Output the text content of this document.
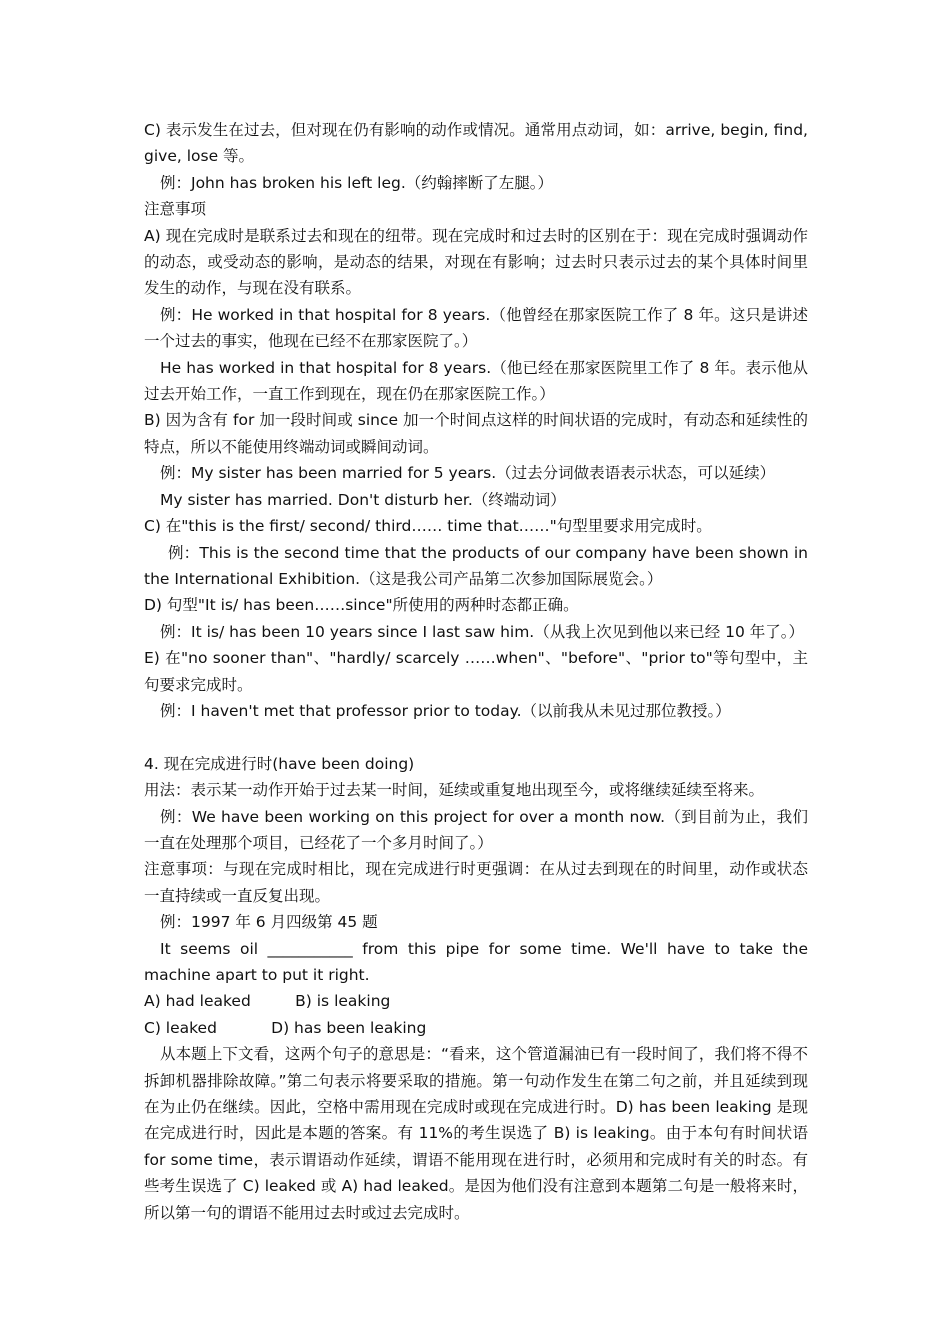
C) 表示发生在过去，但对现在仍有影响的动作或情况。通常用点动词，如：arrive, begin, find, give, lose 等。

例：John has broken his left leg.（约翰摔断了左腿。）

注意事项

A) 现在完成时是联系过去和现在的纽带。现在完成时和过去时的区别在于：现在完成时强调动作的动态，或受动态的影响，是动态的结果，对现在有影响；过去时只表示过去的某个具体时间里发生的动作，与现在没有联系。

例：He worked in that hospital for 8 years.（他曾经在那家医院工作了 8 年。这只是讲述一个过去的事实，他现在已经不在那家医院了。）

He has worked in that hospital for 8 years.（他已经在那家医院里工作了 8 年。表示他从过去开始工作，一直工作到现在，现在仍在那家医院工作。）

B) 因为含有 for 加一段时间或 since 加一个时间点这样的时间状语的完成时，有动态和延续性的特点，所以不能使用终端动词或瞬间动词。

例：My sister has been married for 5 years.（过去分词做表语表示状态，可以延续）

My sister has married. Don't disturb her.（终端动词）

C) 在"this is the first/ second/ third…… time that……"句型里要求用完成时。

例：This is the second time that the products of our company have been shown in the International Exhibition.（这是我公司产品第二次参加国际展览会。）

D) 句型"It is/ has been……since"所使用的两种时态都正确。

例：It is/ has been 10 years since I last saw him.（从我上次见到他以来已经 10 年了。）

E) 在"no sooner than"、"hardly/ scarcely ……when"、"before"、"prior to"等句型中，主句要求完成时。

例：I haven't met that professor prior to today.（以前我从未见过那位教授。）

4. 现在完成进行时(have been doing)

用法：表示某一动作开始于过去某一时间，延续或重复地出现至今，或将继续延续至将来。

例：We have been working on this project for over a month now.（到目前为止，我们一直在处理那个项目，已经花了一个多月时间了。）

注意事项：与现在完成时相比，现在完成进行时更强调：在从过去到现在的时间里，动作或状态一直持续或一直反复出现。

例：1997 年 6 月四级第 45 题

It seems oil ___________ from this pipe for some time. We'll have to take the machine apart to put it right.

A) had leaked         B) is leaking

C) leaked           D) has been leaking

从本题上下文看，这两个句子的意思是：“看来，这个管道漏油已有一段时间了，我们将不得不拆卸机器排除故障。”第二句表示将要采取的措施。第一句动作发生在第二句之前，并且延续到现在为止仍在继续。因此，空格中需用现在完成时或现在完成进行时。D) has been leaking 是现在完成进行时，因此是本题的答案。有 11%的考生误选了 B) is leaking。由于本句有时间状语 for some time，表示谓语动作延续，谓语不能用现在进行时，必须用和完成时有关的时态。有些考生误选了 C) leaked 或 A) had leaked。是因为他们没有注意到本题第二句是一般将来时，所以第一句的谓语不能用过去时或过去完成时。
